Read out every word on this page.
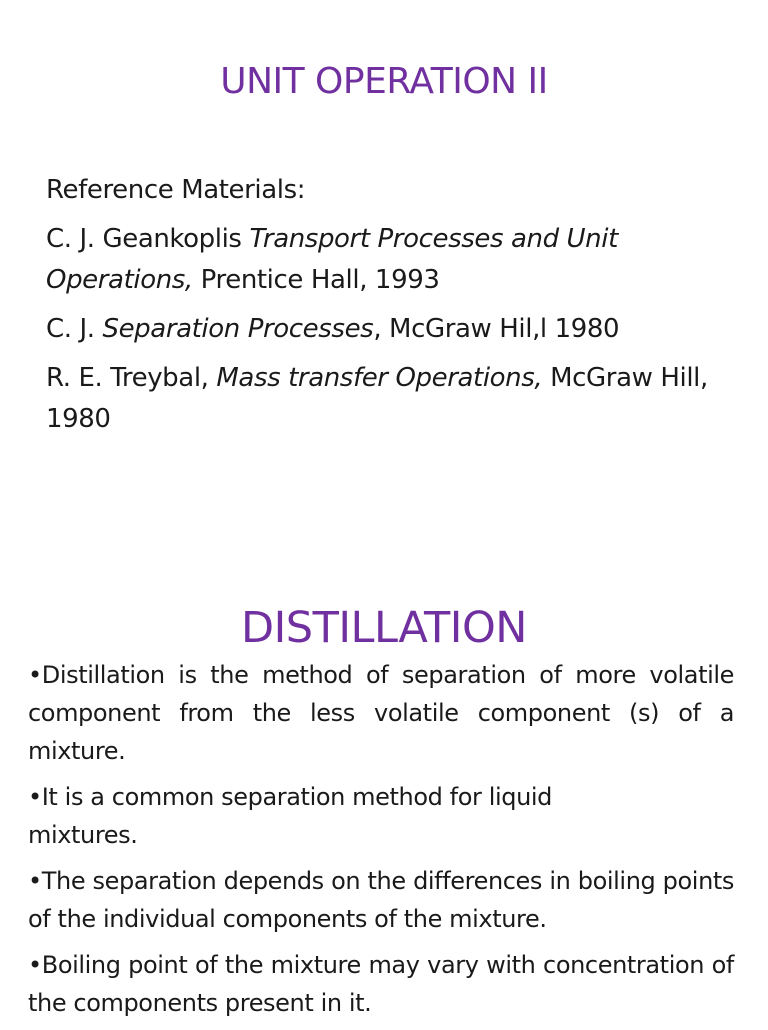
UNIT OPERATION II

Reference Materials:

C. J. Geankoplis Transport Processes and Unit Operations, Prentice Hall, 1993

C. J. Separation Processes, McGraw Hil,l 1980

R. E. Treybal, Mass transfer Operations, McGraw Hill, 1980

DISTILLATION

•Distillation is the method of separation of more volatile component from the less volatile component (s) of a mixture.

•It is a common separation method for liquid mixtures.

•The separation depends on the differences in boiling points of the individual components of the mixture.

•Boiling point of the mixture may vary with concentration of the components present in it.
